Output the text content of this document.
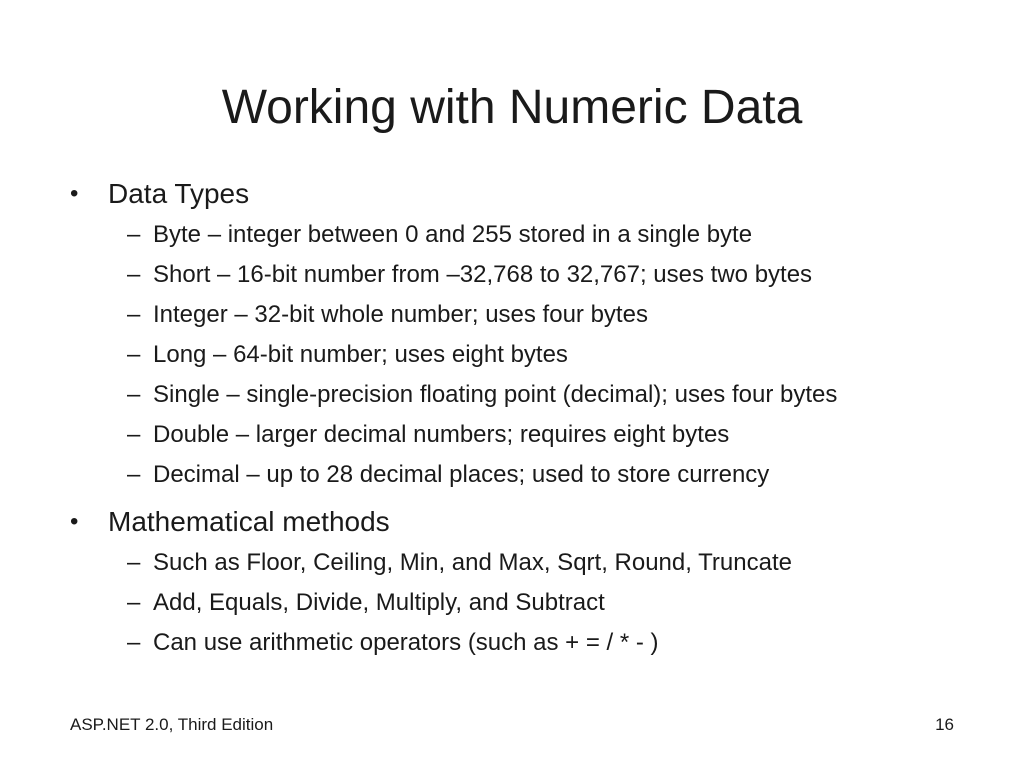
Working with Numeric Data
• Data Types
– Byte – integer between 0 and 255 stored in a single byte
– Short – 16-bit number from –32,768 to 32,767; uses two bytes
– Integer – 32-bit whole number; uses four bytes
– Long – 64-bit number; uses eight bytes
– Single – single-precision floating point (decimal); uses four bytes
– Double – larger decimal numbers; requires eight bytes
– Decimal – up to 28 decimal places; used to store currency
• Mathematical methods
– Such as Floor, Ceiling, Min, and Max, Sqrt, Round, Truncate
– Add, Equals, Divide, Multiply, and Subtract
– Can use arithmetic operators (such as + = / * - )
ASP.NET 2.0, Third Edition	16
